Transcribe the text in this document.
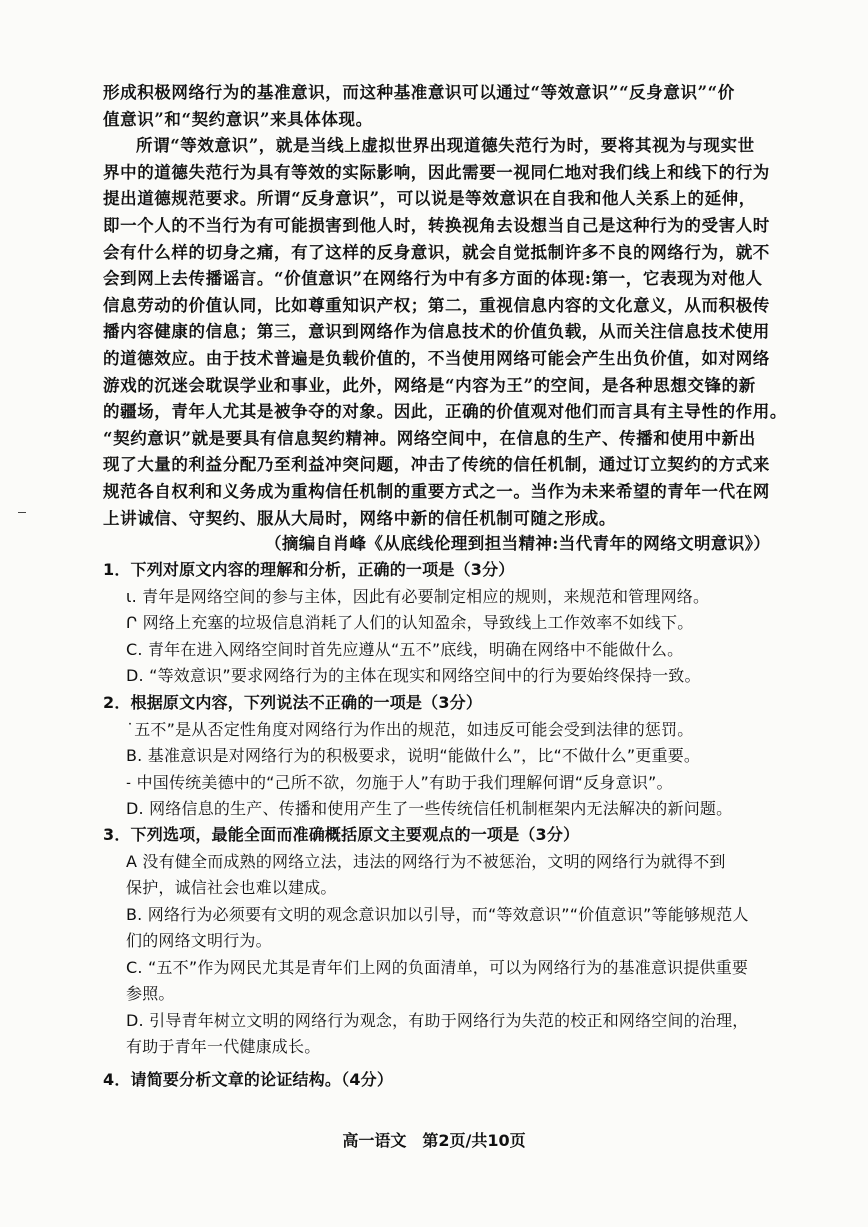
形成积极网络行为的基准意识，而这种基准意识可以通过“等效意识”“反身意识”“价
值意识”和“契约意识”来具体体现。
所谓“等效意识”，就是当线上虚拟世界出现道德失范行为时，要将其视为与现实世
界中的道德失范行为具有等效的实际影响，因此需要一视同仁地对我们线上和线下的行为
提出道德规范要求。所谓“反身意识”，可以说是等效意识在自我和他人关系上的延伸，
即一个人的不当行为有可能损害到他人时，转换视角去设想当自己是这种行为的受害人时
会有什么样的切身之痛，有了这样的反身意识，就会自觉抵制许多不良的网络行为，就不
会到网上去传播谣言。“价值意识”在网络行为中有多方面的体现:第一，它表现为对他人
信息劳动的价值认同，比如尊重知识产权；第二，重视信息内容的文化意义，从而积极传
播内容健康的信息；第三，意识到网络作为信息技术的价值负载，从而关注信息技术使用
的道德效应。由于技术普遍是负载价值的，不当使用网络可能会产生出负价值，如对网络
游戏的沉迷会耽误学业和事业，此外，网络是“内容为王”的空间，是各种思想交锋的新
的疆场，青年人尤其是被争夺的对象。因此，正确的价值观对他们而言具有主导性的作用。
“契约意识”就是要具有信息契约精神。网络空间中，在信息的生产、传播和使用中新出
现了大量的利益分配乃至利益冲突问题，冲击了传统的信任机制，通过订立契约的方式来
规范各自权利和义务成为重构信任机制的重要方式之一。当作为未来希望的青年一代在网
上讲诚信、守契约、服从大局时，网络中新的信任机制可随之形成。
（摘编自肖峰《从底线伦理到担当精神:当代青年的网络文明意识》）
1．下列对原文内容的理解和分析，正确的一项是（3分）
ι. 青年是网络空间的参与主体，因此有必要制定相应的规则，来规范和管理网络。
Ր 网络上充塞的垃圾信息消耗了人们的认知盈余，导致线上工作效率不如线下。
C. 青年在进入网络空间时首先应遵从“五不”底线，明确在网络中不能做什么。
D. “等效意识”要求网络行为的主体在现实和网络空间中的行为要始终保持一致。
2．根据原文内容，下列说法不正确的一项是（3分）
˙五不”是从否定性角度对网络行为作出的规范，如违反可能会受到法律的惩罚。
B. 基准意识是对网络行为的积极要求，说明“能做什么”，比“不做什么”更重要。
˗ 中国传统美德中的“己所不欲，勿施于人”有助于我们理解何谓“反身意识”。
D. 网络信息的生产、传播和使用产生了一些传统信任机制框架内无法解决的新问题。
3．下列选项，最能全面而准确概括原文主要观点的一项是（3分）
A 没有健全而成熟的网络立法，违法的网络行为不被惩治，文明的网络行为就得不到
保护，诚信社会也难以建成。
B. 网络行为必须要有文明的观念意识加以引导，而“等效意识”“价值意识”等能够规范人
们的网络文明行为。
C. “五不”作为网民尤其是青年们上网的负面清单，可以为网络行为的基准意识提供重要
参照。
D. 引导青年树立文明的网络行为观念，有助于网络行为失范的校正和网络空间的治理，
有助于青年一代健康成长。
4．请简要分析文章的论证结构。（4分）
高一语文　第2页/共10页
